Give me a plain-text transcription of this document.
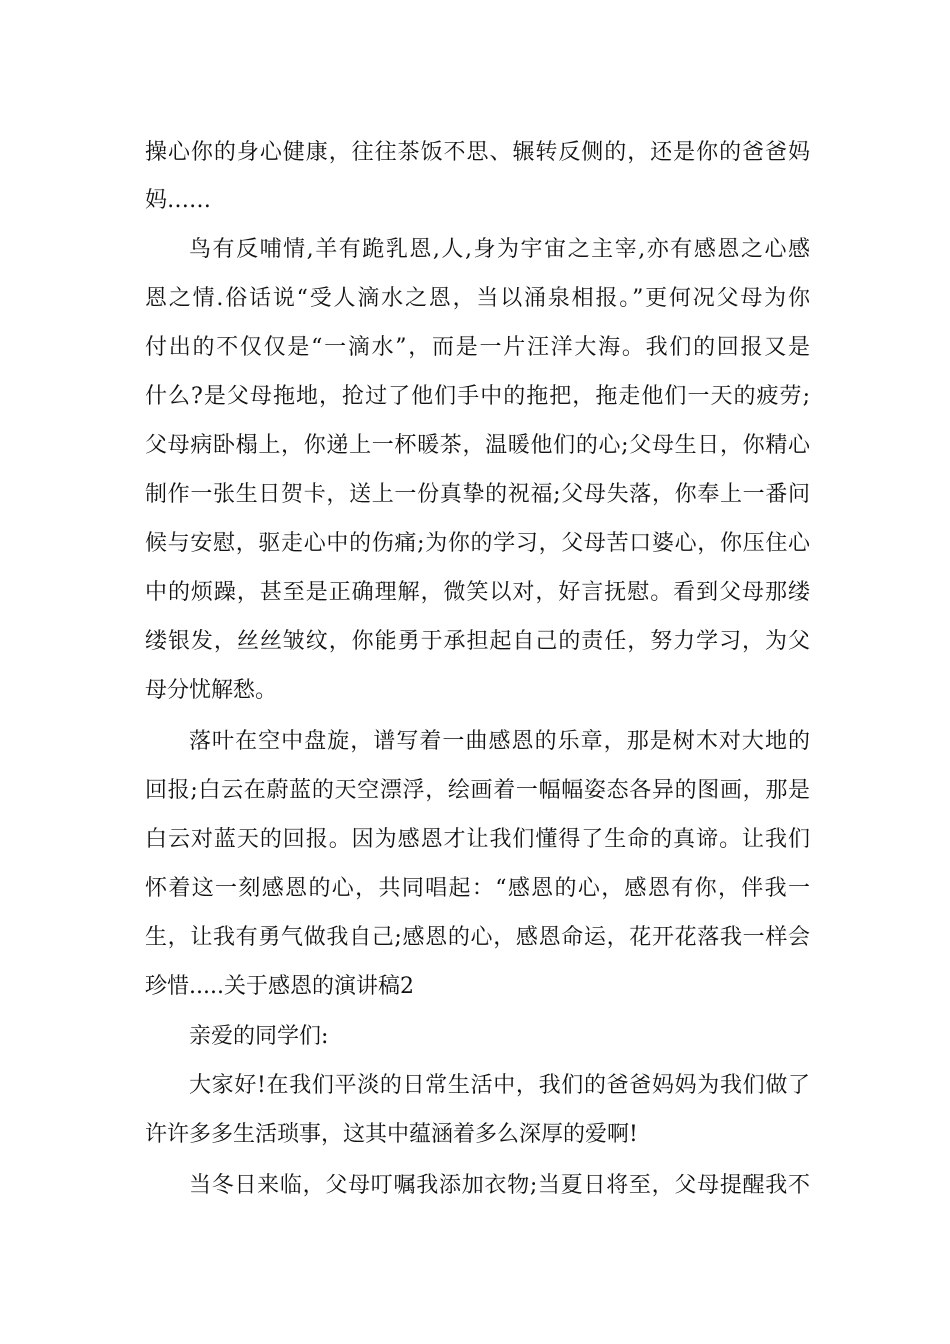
操心你的身心健康，往往茶饭不思、辗转反侧的，还是你的爸爸妈
妈……
鸟有反哺情,羊有跪乳恩,人,身为宇宙之主宰,亦有感恩之心感
恩之情.俗话说“受人滴水之恩，当以涌泉相报。”更何况父母为你
付出的不仅仅是“一滴水”，而是一片汪洋大海。我们的回报又是
什么?是父母拖地，抢过了他们手中的拖把，拖走他们一天的疲劳;
父母病卧榻上，你递上一杯暖茶，温暖他们的心;父母生日，你精心
制作一张生日贺卡，送上一份真挚的祝福;父母失落，你奉上一番问
候与安慰，驱走心中的伤痛;为你的学习，父母苦口婆心，你压住心
中的烦躁，甚至是正确理解，微笑以对，好言抚慰。看到父母那缕
缕银发，丝丝皱纹，你能勇于承担起自己的责任，努力学习，为父
母分忧解愁。
落叶在空中盘旋，谱写着一曲感恩的乐章，那是树木对大地的
回报;白云在蔚蓝的天空漂浮，绘画着一幅幅姿态各异的图画，那是
白云对蓝天的回报。因为感恩才让我们懂得了生命的真谛。让我们
怀着这一刻感恩的心，共同唱起：“感恩的心，感恩有你，伴我一
生，让我有勇气做我自己;感恩的心，感恩命运，花开花落我一样会
珍惜.....关于感恩的演讲稿2
亲爱的同学们:
大家好!在我们平淡的日常生活中，我们的爸爸妈妈为我们做了
许许多多生活琐事，这其中蕴涵着多么深厚的爱啊!
当冬日来临，父母叮嘱我添加衣物;当夏日将至，父母提醒我不
